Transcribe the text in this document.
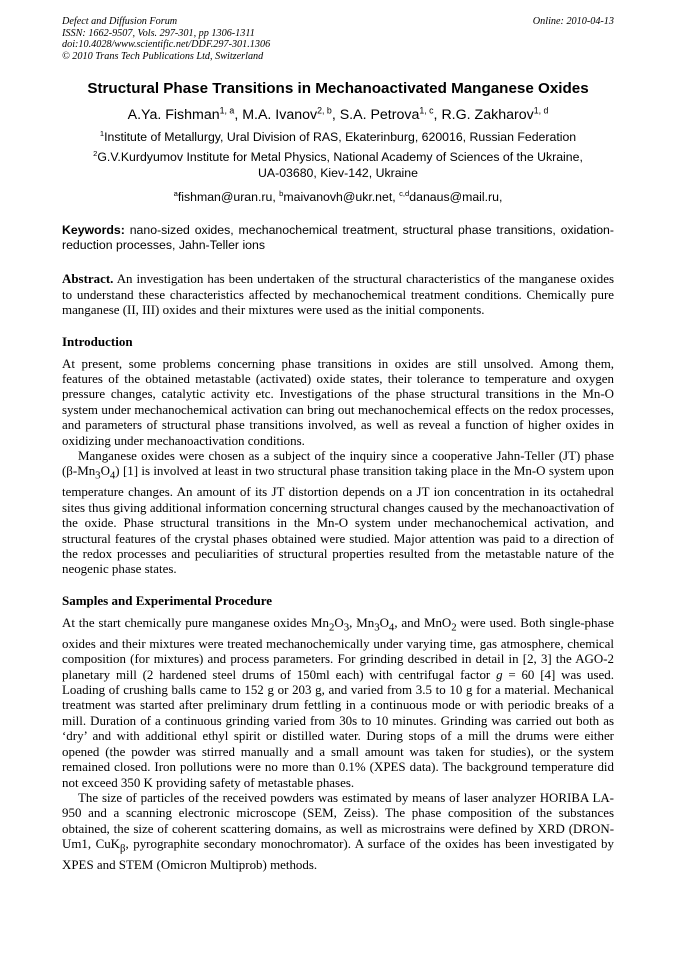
Defect and Diffusion Forum
ISSN: 1662-9507, Vols. 297-301, pp 1306-1311
doi:10.4028/www.scientific.net/DDF.297-301.1306
© 2010 Trans Tech Publications Ltd, Switzerland
Online: 2010-04-13
Structural Phase Transitions in Mechanoactivated Manganese Oxides
A.Ya. Fishman$^{1, a}$, M.A. Ivanov$^{2, b}$, S.A. Petrova$^{1, c}$, R.G. Zakharov$^{1, d}$
$^1$Institute of Metallurgy, Ural Division of RAS, Ekaterinburg, 620016, Russian Federation
$^2$G.V.Kurdyumov Institute for Metal Physics, National Academy of Sciences of the Ukraine,
UA-03680, Kiev-142, Ukraine
$^a$fishman@uran.ru, $^b$maivanovh@ukr.net, $^{c,d}$danaus@mail.ru,
Keywords: nano-sized oxides, mechanochemical treatment, structural phase transitions, oxidation-reduction processes, Jahn-Teller ions

Abstract. An investigation has been undertaken of the structural characteristics of the manganese oxides to understand these characteristics affected by mechanochemical treatment conditions. Chemically pure manganese (II, III) oxides and their mixtures were used as the initial components.

Introduction

At present, some problems concerning phase transitions in oxides are still unsolved. Among them, features of the obtained metastable (activated) oxide states, their tolerance to temperature and oxygen pressure changes, catalytic activity etc. Investigations of the phase structural transitions in the Mn-O system under mechanochemical activation can bring out mechanochemical effects on the redox processes, and parameters of structural phase transitions involved, as well as reveal a function of higher oxides in oxidizing under mechanoactivation conditions.

Manganese oxides were chosen as a subject of the inquiry since a cooperative Jahn-Teller (JT) phase $(\beta-Mn_3O_4)$ [1] is involved at least in two structural phase transition taking place in the Mn-O system upon temperature changes. An amount of its JT distortion depends on a JT ion concentration in its octahedral sites thus giving additional information concerning structural changes caused by the mechanoactivation of the oxide. Phase structural transitions in the Mn-O system under mechanochemical activation, and structural features of the crystal phases obtained were studied. Major attention was paid to a direction of the redox processes and peculiarities of structural properties resulted from the metastable nature of the neogenic phase states.

Samples and Experimental Procedure

At the start chemically pure manganese oxides $Mn_2O_3$, $Mn_3O_4$, and MnO$_2$ were used. Both single-phase oxides and their mixtures were treated mechanochemically under varying time, gas atmosphere, chemical composition (for mixtures) and process parameters. For grinding described in detail in [2, 3] the AGO-2 planetary mill (2 hardened steel drums of 150ml each) with centrifugal factor g = 60 [4] was used. Loading of crushing balls came to 152 g or 203 g, and varied from 3.5 to 10 g for a material. Mechanical treatment was started after preliminary drum fettling in a continuous mode or with periodic breaks of a mill. Duration of a continuous grinding varied from 30s to 10 minutes. Grinding was carried out both as ‘dry’ and with additional ethyl spirit or distilled water. During stops of a mill the drums were either opened (the powder was stirred manually and a small amount was taken for studies), or the system remained closed. Iron pollutions were no more than 0.1% (XPES data). The background temperature did not exceed 350 K providing safety of metastable phases.

The size of particles of the received powders was estimated by means of laser analyzer HORIBA LA-950 and a scanning electronic microscope (SEM, Zeiss). The phase composition of the substances obtained, the size of coherent scattering domains, as well as microstrains were defined by XRD (DRON-Um1, CuK$_\beta$, pyrographite secondary monochromator). A surface of the oxides has been investigated by XPES and STEM (Omicron Multiprob) methods.
